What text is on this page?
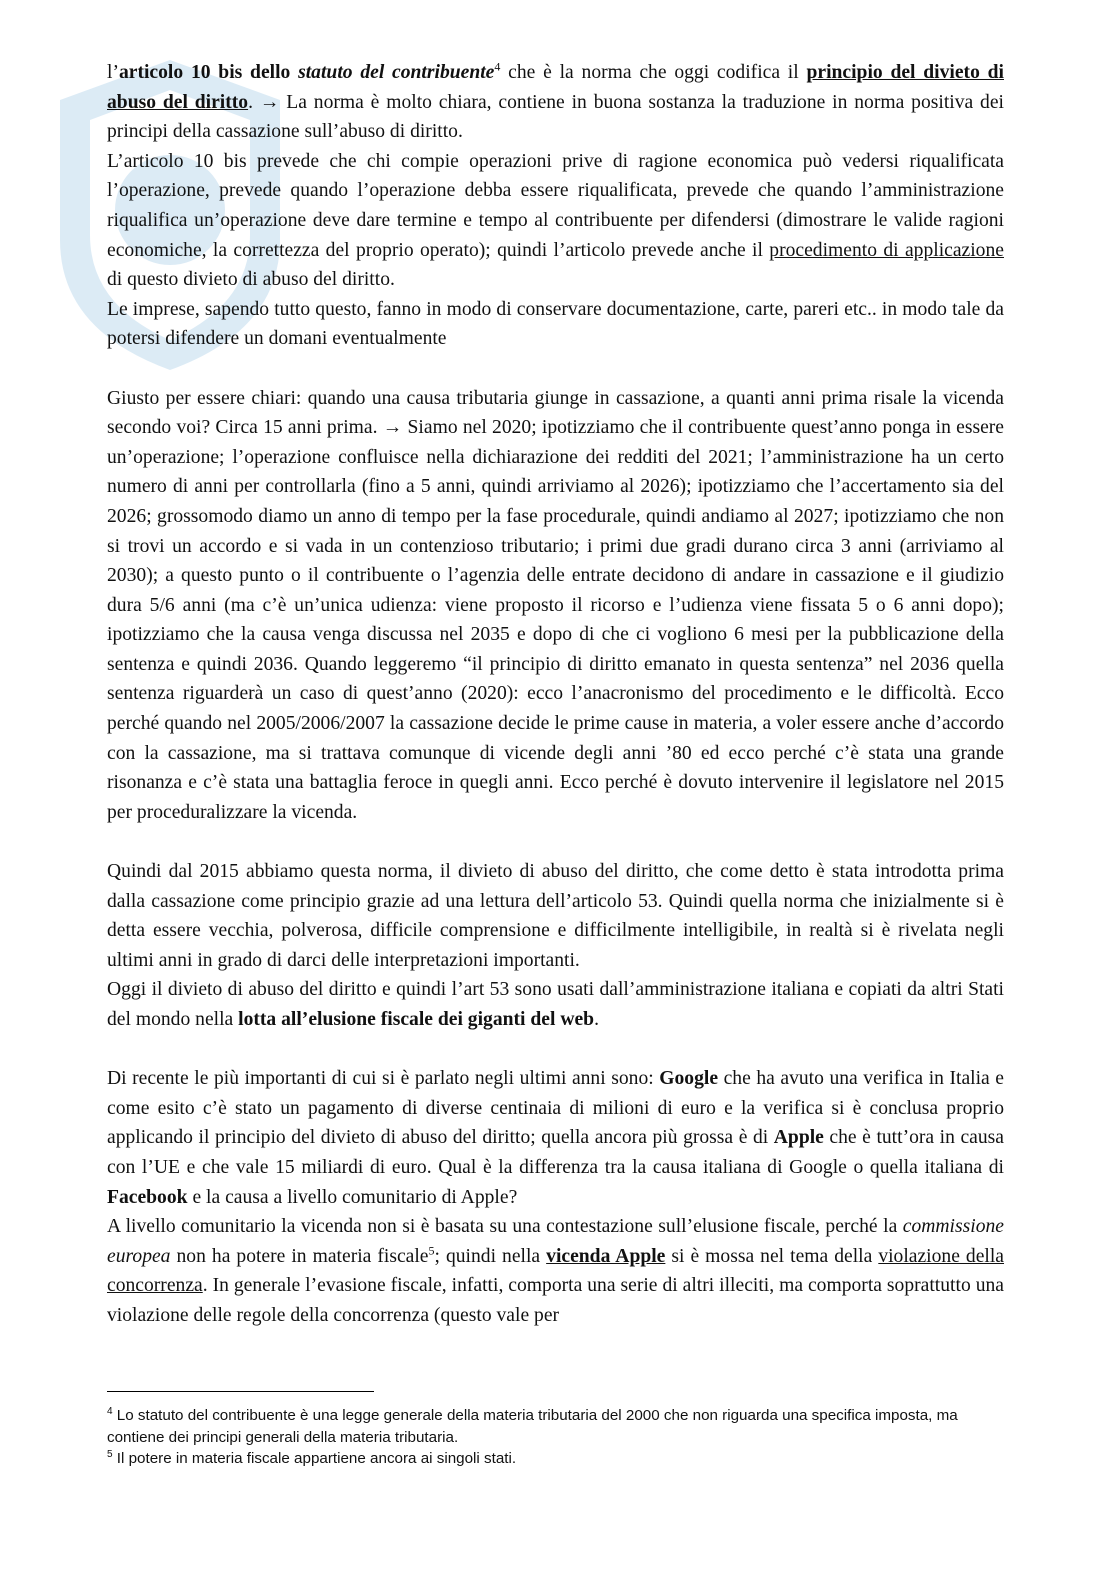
l’articolo 10 bis dello statuto del contribuente$^4$ che è la norma che oggi codifica il principio del divieto di abuso del diritto. → La norma è molto chiara, contiene in buona sostanza la traduzione in norma positiva dei principi della cassazione sull’abuso di diritto.

L’articolo 10 bis prevede che chi compie operazioni prive di ragione economica può vedersi riqualificata l’operazione, prevede quando l’operazione debba essere riqualificata, prevede che quando l’amministrazione riqualifica un’operazione deve dare termine e tempo al contribuente per difendersi (dimostrare le valide ragioni economiche, la correttezza del proprio operato); quindi l’articolo prevede anche il procedimento di applicazione di questo divieto di abuso del diritto.

Le imprese, sapendo tutto questo, fanno in modo di conservare documentazione, carte, pareri etc.. in modo tale da potersi difendere un domani eventualmente

Giusto per essere chiari: quando una causa tributaria giunge in cassazione, a quanti anni prima risale la vicenda secondo voi? Circa 15 anni prima. → Siamo nel 2020; ipotizziamo che il contribuente quest’anno ponga in essere un’operazione; l’operazione confluisce nella dichiarazione dei redditi del 2021; l’amministrazione ha un certo numero di anni per controllarla (fino a 5 anni, quindi arriviamo al 2026); ipotizziamo che l’accertamento sia del 2026; grossomodo diamo un anno di tempo per la fase procedurale, quindi andiamo al 2027; ipotizziamo che non si trovi un accordo e si vada in un contenzioso tributario; i primi due gradi durano circa 3 anni (arriviamo al 2030); a questo punto o il contribuente o l’agenzia delle entrate decidono di andare in cassazione e il giudizio dura 5/6 anni (ma c’è un’unica udienza: viene proposto il ricorso e l’udienza viene fissata 5 o 6 anni dopo); ipotizziamo che la causa venga discussa nel 2035 e dopo di che ci vogliono 6 mesi per la pubblicazione della sentenza e quindi 2036. Quando leggeremo “il principio di diritto emanato in questa sentenza” nel 2036 quella sentenza riguarderà un caso di quest’anno (2020): ecco l’anacronismo del procedimento e le difficoltà. Ecco perché quando nel 2005/2006/2007 la cassazione decide le prime cause in materia, a voler essere anche d’accordo con la cassazione, ma si trattava comunque di vicende degli anni ’80 ed ecco perché c’è stata una grande risonanza e c’è stata una battaglia feroce in quegli anni. Ecco perché è dovuto intervenire il legislatore nel 2015 per proceduralizzare la vicenda.

Quindi dal 2015 abbiamo questa norma, il divieto di abuso del diritto, che come detto è stata introdotta prima dalla cassazione come principio grazie ad una lettura dell’articolo 53. Quindi quella norma che inizialmente si è detta essere vecchia, polverosa, difficile comprensione e difficilmente intelligibile, in realtà si è rivelata negli ultimi anni in grado di darci delle interpretazioni importanti.

Oggi il divieto di abuso del diritto e quindi l’art 53 sono usati dall’amministrazione italiana e copiati da altri Stati del mondo nella lotta all’elusione fiscale dei giganti del web.

Di recente le più importanti di cui si è parlato negli ultimi anni sono: Google che ha avuto una verifica in Italia e come esito c’è stato un pagamento di diverse centinaia di milioni di euro e la verifica si è conclusa proprio applicando il principio del divieto di abuso del diritto; quella ancora più grossa è di Apple che è tutt’ora in causa con l’UE e che vale 15 miliardi di euro. Qual è la differenza tra la causa italiana di Google o quella italiana di Facebook e la causa a livello comunitario di Apple?

A livello comunitario la vicenda non si è basata su una contestazione sull’elusione fiscale, perché la commissione europea non ha potere in materia fiscale$^5$; quindi nella vicenda Apple si è mossa nel tema della violazione della concorrenza. In generale l’evasione fiscale, infatti, comporta una serie di altri illeciti, ma comporta soprattutto una violazione delle regole della concorrenza (questo vale per

$^4$ Lo statuto del contribuente è una legge generale della materia tributaria del 2000 che non riguarda una specifica imposta, ma contiene dei principi generali della materia tributaria.

$^5$ Il potere in materia fiscale appartiene ancora ai singoli stati.
